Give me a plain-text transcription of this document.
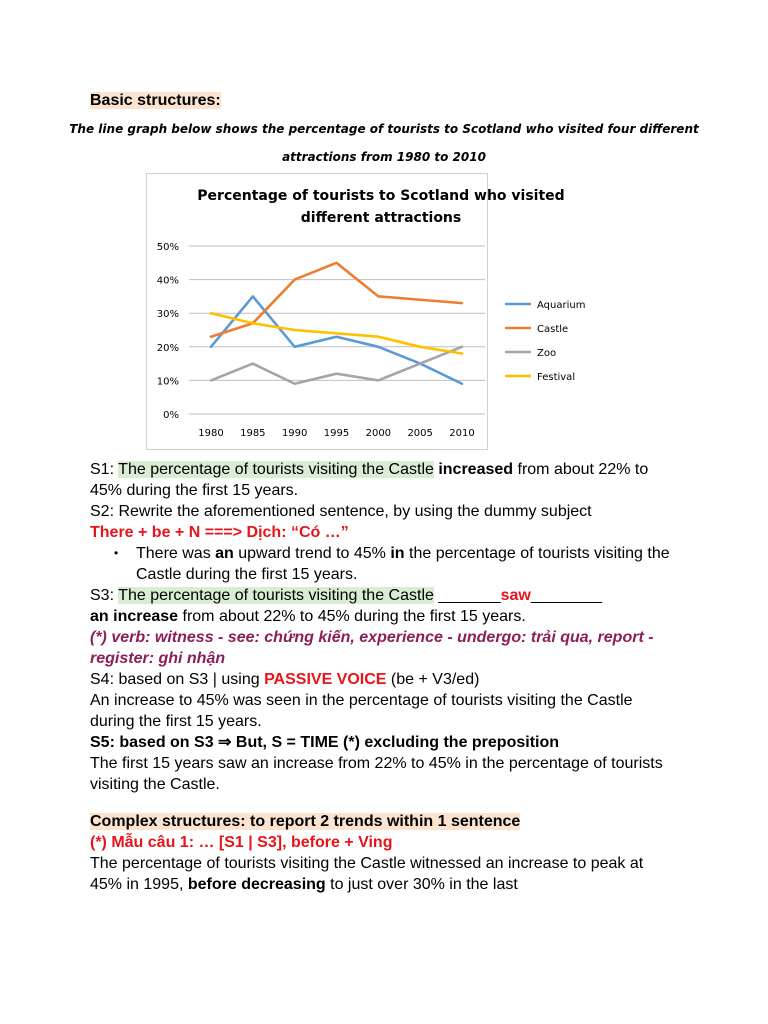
Basic structures:
The line graph below shows the percentage of tourists to Scotland who visited four different
attractions from 1980 to 2010
Percentage of tourists to Scotland who visited
different attractions
0%
10%
20%
30%
40%
50%
1980 1985 1990 1995 2000 2005 2010
Aquarium
Castle
Zoo
Festival
S1: The percentage of tourists visiting the Castle increased from about 22% to 45% during the first 15 years.
S2: Rewrite the aforementioned sentence, by using the dummy subject
There + be + N ===> Dịch: “Có …”
• There was an upward trend to 45% in the percentage of tourists visiting the Castle during the first 15 years.
S3: The percentage of tourists visiting the Castle _______saw________
an increase from about 22% to 45% during the first 15 years.
(*) verb: witness - see: chứng kiến, experience - undergo: trải qua, report - register: ghi nhận
S4: based on S3 | using PASSIVE VOICE (be + V3/ed)
An increase to 45% was seen in the percentage of tourists visiting the Castle during the first 15 years.
S5: based on S3 ⇒ But, S = TIME (*) excluding the preposition
The first 15 years saw an increase from 22% to 45% in the percentage of tourists visiting the Castle.
Complex structures: to report 2 trends within 1 sentence
(*) Mẫu câu 1: … [S1 | S3], before + Ving
The percentage of tourists visiting the Castle witnessed an increase to peak at 45% in 1995, before decreasing to just over 30% in the last
